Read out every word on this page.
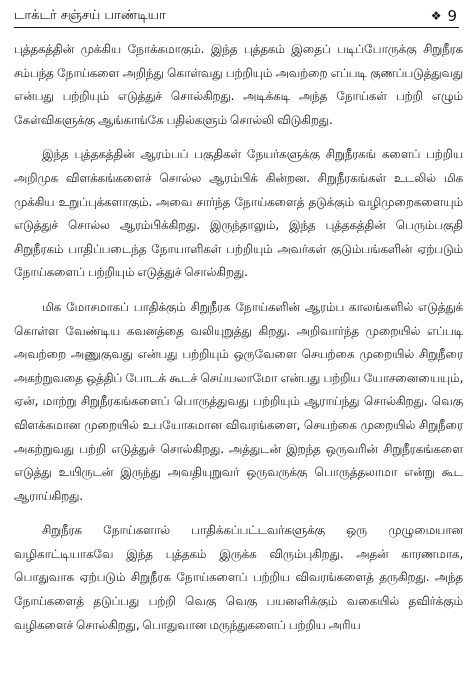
டாக்டர் சஞ்சய் பாண்டியா	❖ 9

புத்தகத்தின் முக்கிய நோக்கமாகும். இந்த புத்தகம் இதைப் படிப்போருக்கு சிறுநீரக சம்பந்த நோய்களை அறிந்து கொள்வது பற்றியும் அவற்றை எப்படி குணப்படுத்துவது என்பது பற்றியும் எடுத்துச் சொல்கிறது. அடிக்கடி அந்த நோய்கள் பற்றி எழும் கேள்விகளுக்கு ஆங்காங்கே பதில்களும் சொல்லி விடுகிறது.

இந்த புத்தகத்தின் ஆரம்பப் பகுதிகள் நேயர்களுக்கு சிறுநீரகங் களைப் பற்றிய அறிமுக விளக்கங்களைச் சொல்ல ஆரம்பிக் கின்றன. சிறுநீரகங்கள் உடலில் மிக முக்கிய உறுப்புக்களாகும். அவை சார்ந்த நோய்களைத் தடுக்கும் வழிமுறைகளையும் எடுத்துச் சொல்ல ஆரம்பிக்கிறது. இருந்தாலும், இந்த புத்தகத்தின் பெரும்பகுதி சிறுநீரகம் பாதிப்படைந்த நோயாளிகள் பற்றியும் அவர்கள் குடும்பங்களின் ஏற்படும் நோய்களைப் பற்றியும் எடுத்துச் சொல்கிறது.

மிக மோசமாகப் பாதிக்கும் சிறுநீரக நோய்களின் ஆரம்ப காலங்களில் எடுத்துக் கொள்ள வேண்டிய கவனத்தை வலியுறுத்து கிறது. அறிவார்ந்த முறையில் எப்படி அவற்றை அணுகுவது என்பது பற்றியும் ஒருவேளை செயற்கை முறையில் சிறுநீரை அகற்றுவதை ஒத்திப் போடக் கூடச் செய்யலாமோ என்பது பற்றிய யோசனையையும், ஏன், மாற்று சிறுநீரகங்களைப் பொருத்துவது பற்றியும் ஆராய்ந்து சொல்கிறது. வெகு விளக்கமான முறையில் உபயோகமான விவரங்களை, செயற்கை முறையில் சிறுநீரை அகற்றுவது பற்றி எடுத்துச் சொல்கிறது. அத்துடன் இறந்த ஒருவரின் சிறுநீரகங்களை எடுத்து உயிருடன் இருந்து அவதியுறுவர் ஒருவருக்கு பொருத்தலாமா என்று கூட ஆராய்கிறது.

சிறுநீரக நோய்களால் பாதிக்கப்பட்டவர்களுக்கு ஒரு முழுமையான வழிகாட்டியாகவே இந்த புத்தகம் இருக்க விரும்புகிறது. அதன் காரணமாக, பொதுவாக ஏற்படும் சிறுநீரக நோய்களைப் பற்றிய விவரங்களைத் தருகிறது. அந்த நோய்களைத் தடுப்பது பற்றி வெகு வெகு பயனளிக்கும் வகையில் தவிர்க்கும் வழிகளைச் சொல்கிறது, பொதுவான மருந்துகளைப் பற்றிய அரிய
